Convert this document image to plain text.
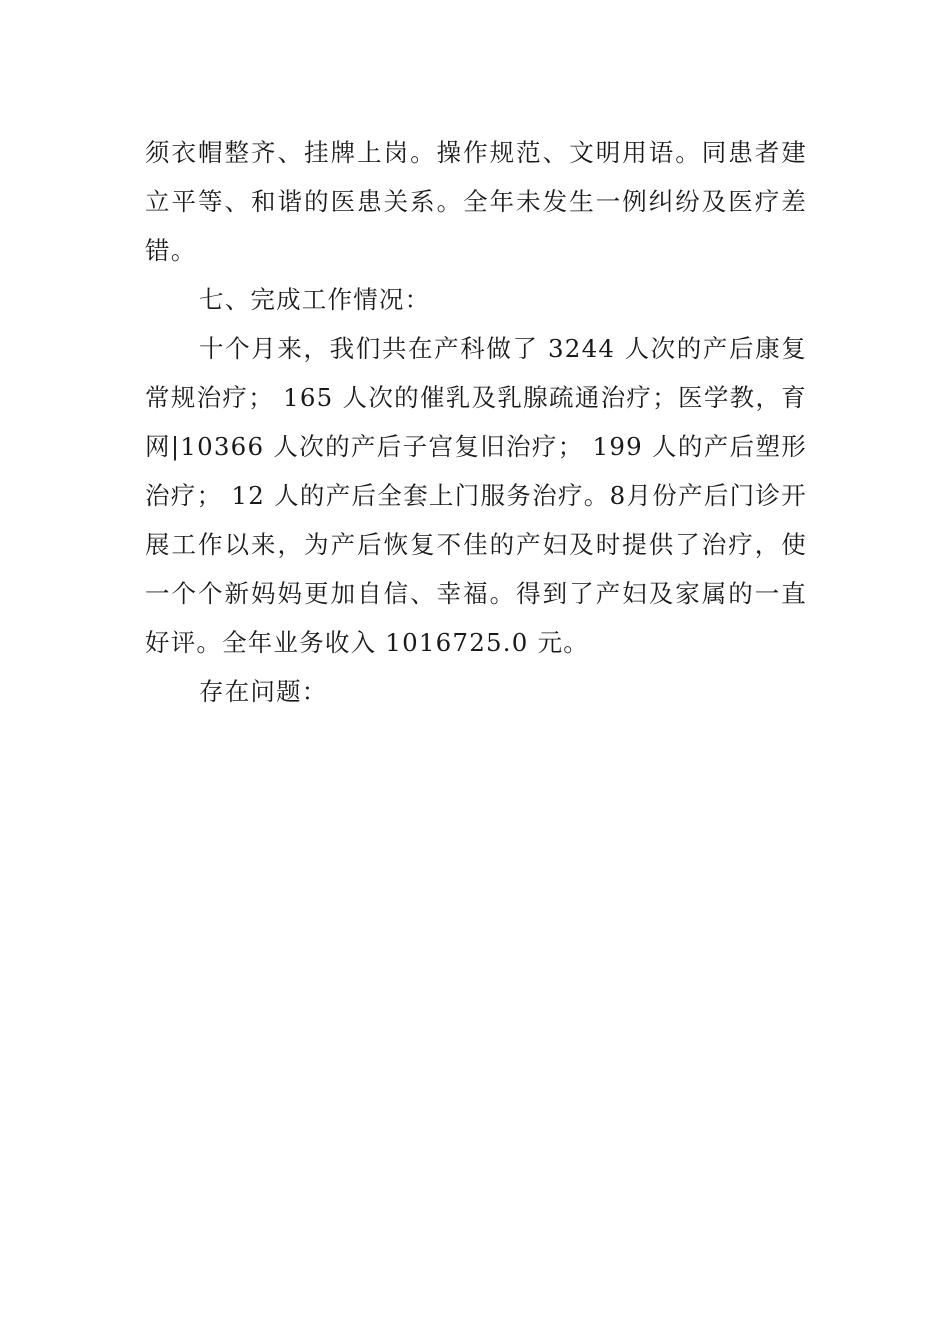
须衣帽整齐、挂牌上岗。操作规范、文明用语。同患者建
立平等、和谐的医患关系。全年未发生一例纠纷及医疗差
错。
七、完成工作情况：
十个月来，我们共在产科做了 3244 人次的产后康复
常规治疗； 165 人次的催乳及乳腺疏通治疗；医学教，育
网|10366 人次的产后子宫复旧治疗； 199 人的产后塑形
治疗； 12 人的产后全套上门服务治疗。8月份产后门诊开
展工作以来，为产后恢复不佳的产妇及时提供了治疗，使
一个个新妈妈更加自信、幸福。得到了产妇及家属的一直
好评。全年业务收入 1016725.0 元。
存在问题：
